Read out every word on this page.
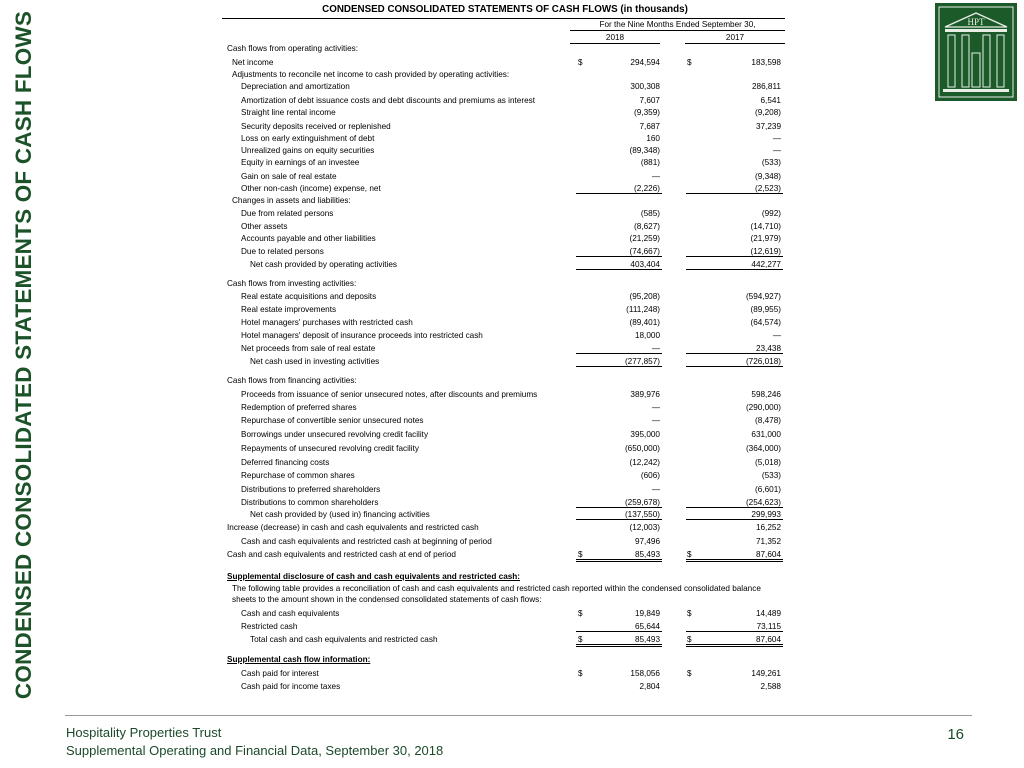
CONDENSED CONSOLIDATED STATEMENTS OF CASH FLOWS	HPT
CONDENSED CONSOLIDATED STATEMENTS OF CASH FLOWS (in thousands)
For the Nine Months Ended September 30,
2018	2017
Cash flows from operating activities:
Net income	$	294,594	$	183,598
Adjustments to reconcile net income to cash provided by operating activities:
Depreciation and amortization	300,308	286,811
Amortization of debt issuance costs and debt discounts and premiums as interest	7,607	6,541
Straight line rental income	(9,359)	(9,208)
Security deposits received or replenished	7,687	37,239
Loss on early extinguishment of debt	160	—
Unrealized gains on equity securities	(89,348)	—
Equity in earnings of an investee	(881)	(533)
Gain on sale of real estate	—	(9,348)
Other non-cash (income) expense, net	(2,226)	(2,523)
Changes in assets and liabilities:
Due from related persons	(585)	(992)
Other assets	(8,627)	(14,710)
Accounts payable and other liabilities	(21,259)	(21,979)
Due to related persons	(74,667)	(12,619)
Net cash provided by operating activities	403,404	442,277
Cash flows from investing activities:
Real estate acquisitions and deposits	(95,208)	(594,927)
Real estate improvements	(111,248)	(89,955)
Hotel managers' purchases with restricted cash	(89,401)	(64,574)
Hotel managers' deposit of insurance proceeds into restricted cash	18,000	—
Net proceeds from sale of real estate	—	23,438
Net cash used in investing activities	(277,857)	(726,018)
Cash flows from financing activities:
Proceeds from issuance of senior unsecured notes, after discounts and premiums	389,976	598,246
Redemption of preferred shares	—	(290,000)
Repurchase of convertible senior unsecured notes	—	(8,478)
Borrowings under unsecured revolving credit facility	395,000	631,000
Repayments of unsecured revolving credit facility	(650,000)	(364,000)
Deferred financing costs	(12,242)	(5,018)
Repurchase of common shares	(606)	(533)
Distributions to preferred shareholders	—	(6,601)
Distributions to common shareholders	(259,678)	(254,623)
Net cash provided by (used in) financing activities	(137,550)	299,993
Increase (decrease) in cash and cash equivalents and restricted cash	(12,003)	16,252
Cash and cash equivalents and restricted cash at beginning of period	97,496	71,352
Cash and cash equivalents and restricted cash at end of period	$	85,493	$	87,604
Supplemental disclosure of cash and cash equivalents and restricted cash:
The following table provides a reconciliation of cash and cash equivalents and restricted cash reported within the condensed consolidated balance
sheets to the amount shown in the condensed consolidated statements of cash flows:
Cash and cash equivalents	$	19,849	$	14,489
Restricted cash	65,644	73,115
Total cash and cash equivalents and restricted cash	$	85,493	$	87,604
Supplemental cash flow information:
Cash paid for interest	$	158,056	$	149,261
Cash paid for income taxes	2,804	2,588
Hospitality Properties Trust
Supplemental Operating and Financial Data, September 30, 2018
16
